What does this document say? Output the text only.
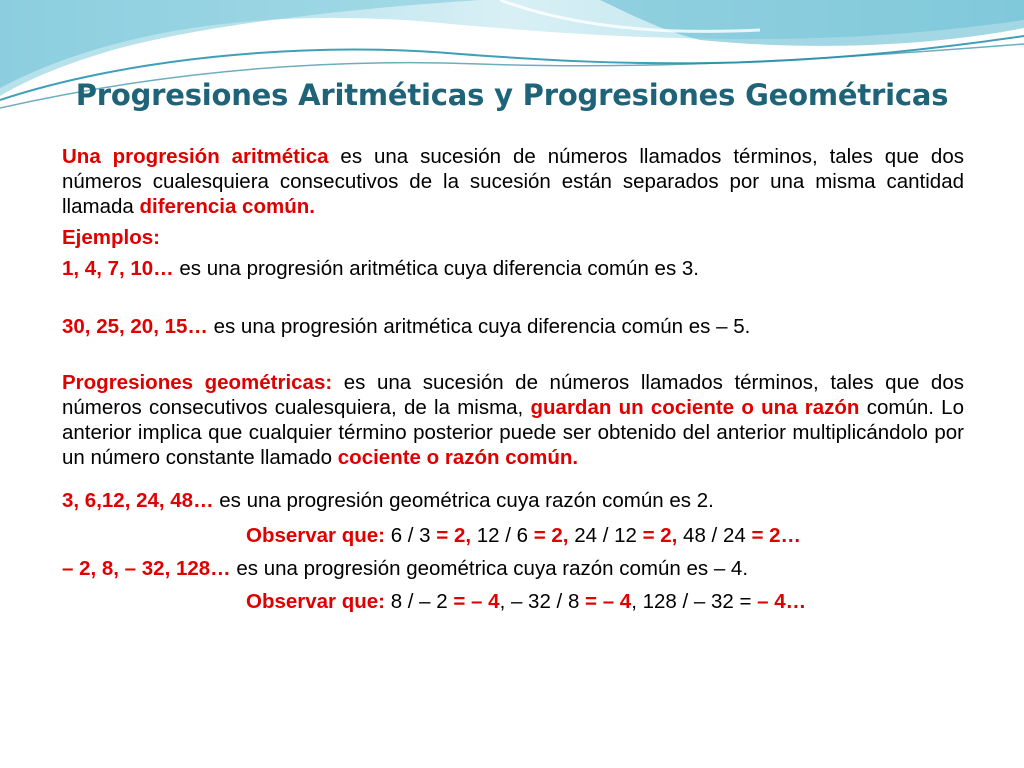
Progresiones Aritméticas y Progresiones Geométricas

Una progresión aritmética es una sucesión de números llamados términos, tales que dos números cualesquiera consecutivos de la sucesión están separados por una misma cantidad llamada diferencia común.

Ejemplos:

1, 4, 7, 10… es una progresión aritmética cuya diferencia común es 3.

30, 25, 20, 15… es una progresión aritmética cuya diferencia común es – 5.

Progresiones geométricas: es una sucesión de números llamados términos, tales que dos números consecutivos cualesquiera, de la misma, guardan un cociente o una razón común. Lo anterior implica que cualquier término posterior puede ser obtenido del anterior multiplicándolo por un número constante llamado cociente o razón común.

3, 6,12, 24, 48… es una progresión geométrica cuya razón común es 2.

Observar que: 6 / 3 = 2, 12 / 6 = 2, 24 / 12 = 2, 48 / 24 = 2…

– 2, 8, – 32, 128… es una progresión geométrica cuya razón común es – 4.

Observar que: 8 / – 2 = – 4, – 32 / 8 = – 4, 128 / – 32 = – 4…
